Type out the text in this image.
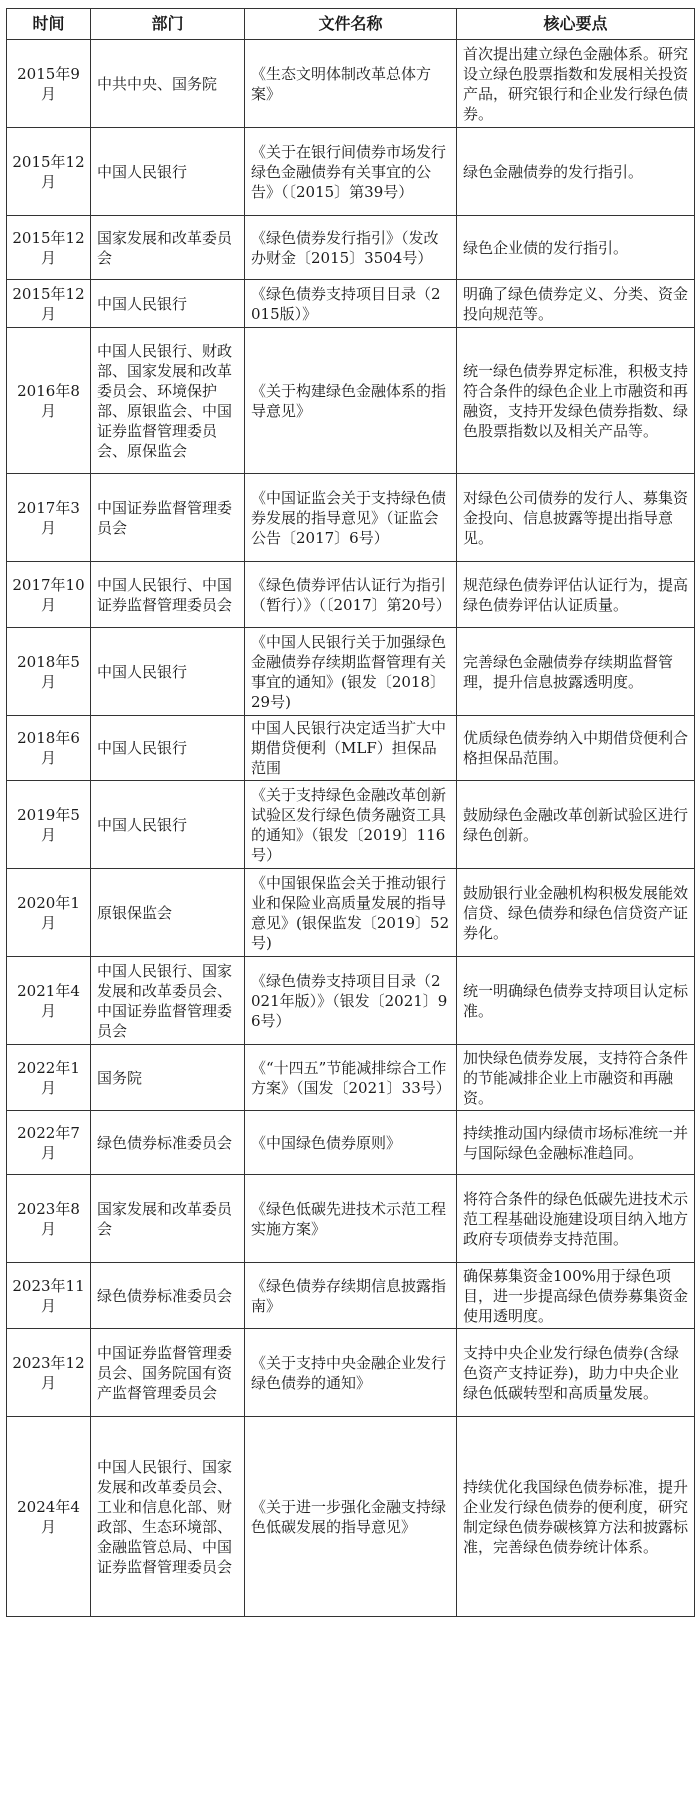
时间	部门	文件名称	核心要点
2015年9月	中共中央、国务院	《生态文明体制改革总体方案》	首次提出建立绿色金融体系。研究设立绿色股票指数和发展相关投资产品，研究银行和企业发行绿色债券。
2015年12月	中国人民银行	《关于在银行间债券市场发行绿色金融债券有关事宜的公告》（〔2015〕第39号）	绿色金融债券的发行指引。
2015年12月	国家发展和改革委员会	《绿色债券发行指引》（发改办财金〔2015〕3504号）	绿色企业债的发行指引。
2015年12月	中国人民银行	《绿色债券支持项目目录（2015版）》	明确了绿色债券定义、分类、资金投向规范等。
2016年8月	中国人民银行、财政部、国家发展和改革委员会、环境保护部、原银监会、中国证券监督管理委员会、原保监会	《关于构建绿色金融体系的指导意见》	统一绿色债券界定标准，积极支持符合条件的绿色企业上市融资和再融资，支持开发绿色债券指数、绿色股票指数以及相关产品等。
2017年3月	中国证券监督管理委员会	《中国证监会关于支持绿色债券发展的指导意见》（证监会公告〔2017〕6号）	对绿色公司债券的发行人、募集资金投向、信息披露等提出指导意见。
2017年10月	中国人民银行、中国证券监督管理委员会	《绿色债券评估认证行为指引（暂行）》（〔2017〕第20号）	规范绿色债券评估认证行为，提高绿色债券评估认证质量。
2018年5月	中国人民银行	《中国人民银行关于加强绿色金融债券存续期监督管理有关事宜的通知》(银发〔2018〕29号)	完善绿色金融债券存续期监督管理，提升信息披露透明度。
2018年6月	中国人民银行	中国人民银行决定适当扩大中期借贷便利（MLF）担保品范围	优质绿色债券纳入中期借贷便利合格担保品范围。
2019年5月	中国人民银行	《关于支持绿色金融改革创新试验区发行绿色债务融资工具的通知》（银发〔2019〕116号）	鼓励绿色金融改革创新试验区进行绿色创新。
2020年1月	原银保监会	《中国银保监会关于推动银行业和保险业高质量发展的指导意见》(银保监发〔2019〕52号)	鼓励银行业金融机构积极发展能效信贷、绿色债券和绿色信贷资产证券化。
2021年4月	中国人民银行、国家发展和改革委员会、中国证券监督管理委员会	《绿色债券支持项目目录（2021年版）》（银发〔2021〕96号）	统一明确绿色债券支持项目认定标准。
2022年1月	国务院	《“十四五”节能减排综合工作方案》（国发〔2021〕33号）	加快绿色债券发展，支持符合条件的节能减排企业上市融资和再融资。
2022年7月	绿色债券标准委员会	《中国绿色债券原则》	持续推动国内绿债市场标准统一并与国际绿色金融标准趋同。
2023年8月	国家发展和改革委员会	《绿色低碳先进技术示范工程实施方案》	将符合条件的绿色低碳先进技术示范工程基础设施建设项目纳入地方政府专项债券支持范围。
2023年11月	绿色债券标准委员会	《绿色债券存续期信息披露指南》	确保募集资金100%用于绿色项目，进一步提高绿色债券募集资金使用透明度。
2023年12月	中国证券监督管理委员会、国务院国有资产监督管理委员会	《关于支持中央金融企业发行绿色债券的通知》	支持中央企业发行绿色债券(含绿色资产支持证券)，助力中央企业绿色低碳转型和高质量发展。
2024年4月	中国人民银行、国家发展和改革委员会、工业和信息化部、财政部、生态环境部、金融监管总局、中国证券监督管理委员会	《关于进一步强化金融支持绿色低碳发展的指导意见》	持续优化我国绿色债券标准，提升企业发行绿色债券的便利度，研究制定绿色债券碳核算方法和披露标准，完善绿色债券统计体系。
